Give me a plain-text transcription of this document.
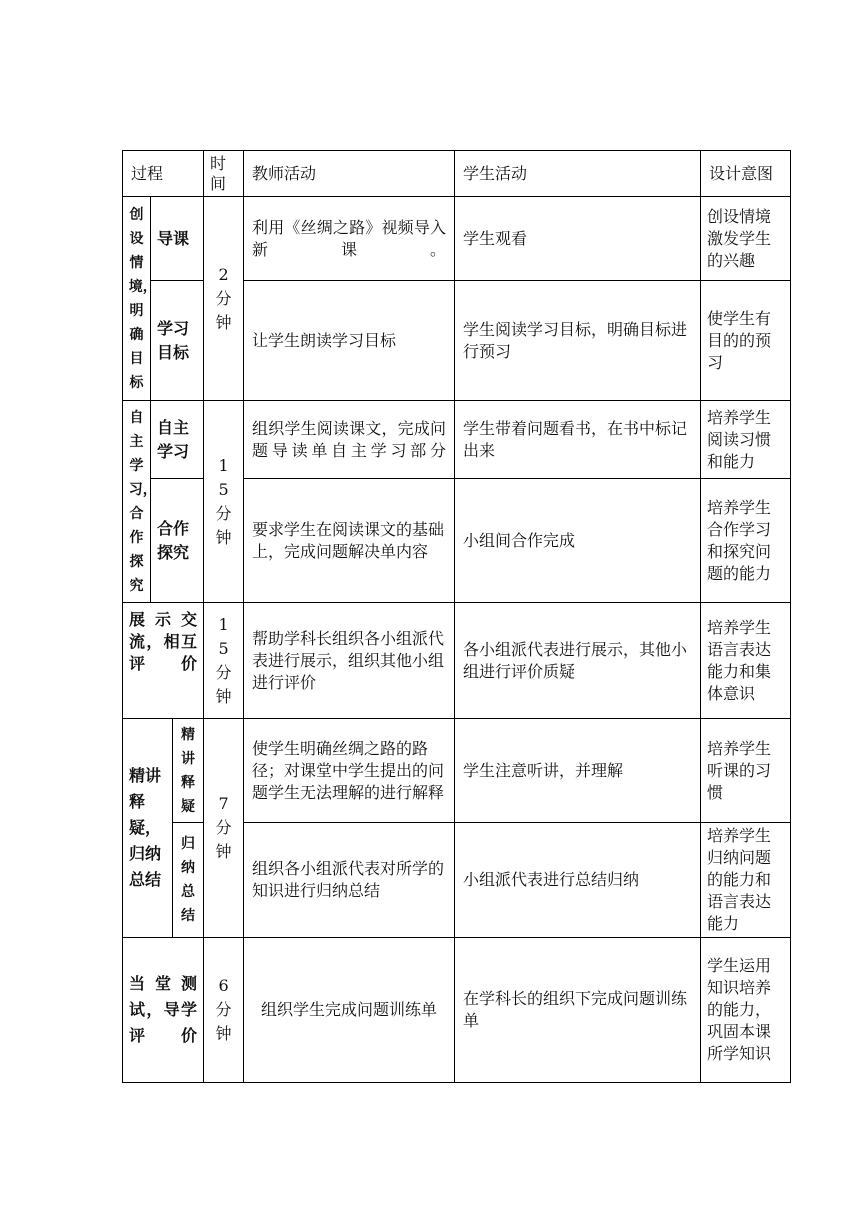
过程			时间	教师活动	学生活动	设计意图

创设情境，明确目标	导课		2分钟	利用《丝绸之路》视频导入新课。	学生观看	创设情境激发学生的兴趣

	学习目标			让学生朗读学习目标	学生阅读学习目标，明确目标进行预习	使学生有目的的预习

自主学习，合作探究	自主学习		15分钟	组织学生阅读课文，完成问题导读单自主学习部分	学生带着问题看书，在书中标记出来	培养学生阅读习惯和能力

	合作探究			要求学生在阅读课文的基础上，完成问题解决单内容	小组间合作完成	培养学生合作学习和探究问题的能力
展 示 交 流，相互评价			15分钟	帮助学科长组织各小组派代表进行展示，组织其他小组进行评价	各小组派代表进行展示，其他小组进行评价质疑	培养学生语言表达能力和集体意识
精讲释疑，归纳总结		精讲释疑	7分钟	使学生明确丝绸之路的路径；对课堂中学生提出的问题学生无法理解的进行解释	学生注意听讲，并理解	培养学生听课的习惯

		归纳总结		组织各小组派代表对所学的知识进行归纳总结	小组派代表进行总结归纳	培养学生归纳问题的能力和语言表达能力
当 堂 测试，导学评价			6分钟	组织学生完成问题训练单	在学科长的组织下完成问题训练单	学生运用知识培养的能力，巩固本课所学知识
